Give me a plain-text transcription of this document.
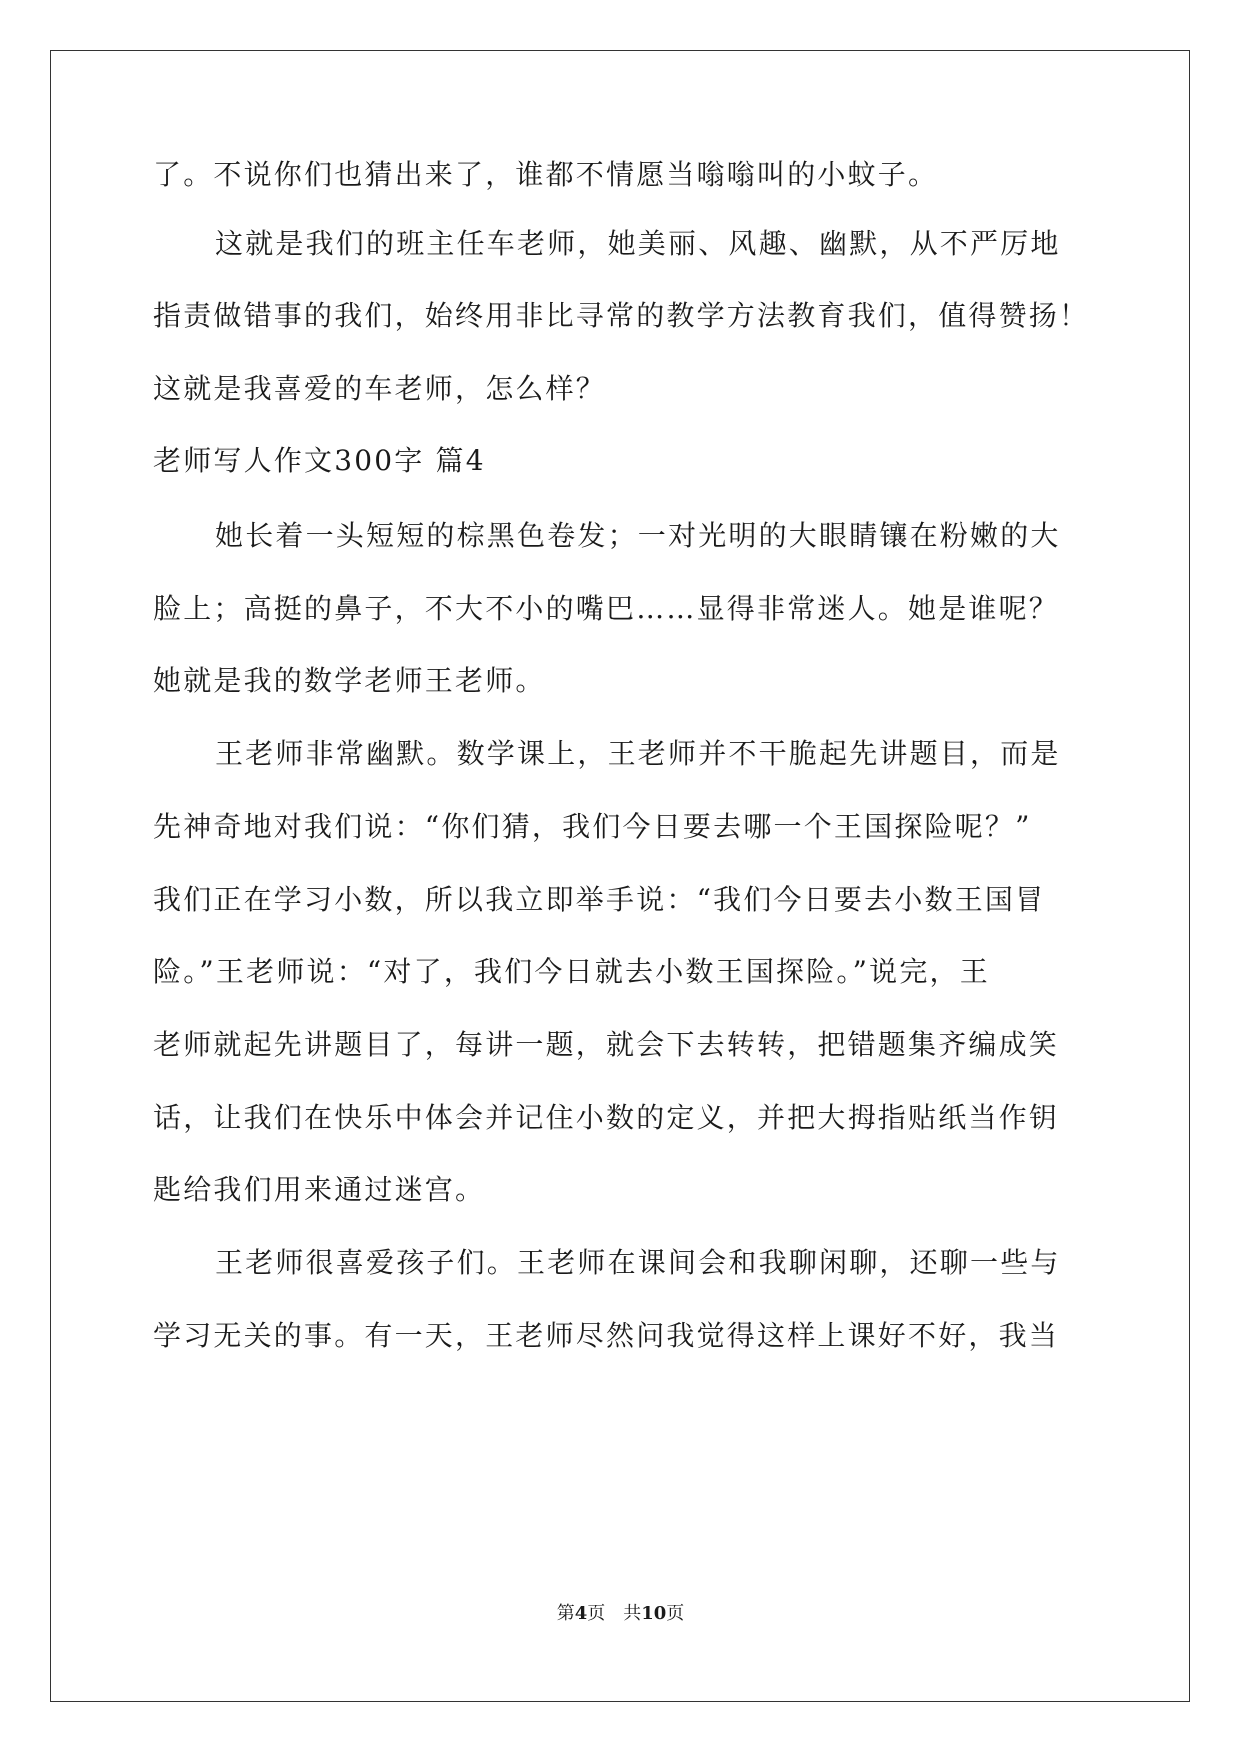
了。不说你们也猜出来了，谁都不情愿当嗡嗡叫的小蚊子。
这就是我们的班主任车老师，她美丽、风趣、幽默，从不严厉地
指责做错事的我们，始终用非比寻常的教学方法教育我们，值得赞扬！
这就是我喜爱的车老师，怎么样？
老师写人作文300字 篇4
她长着一头短短的棕黑色卷发；一对光明的大眼睛镶在粉嫩的大
脸上；高挺的鼻子，不大不小的嘴巴……显得非常迷人。她是谁呢？
她就是我的数学老师王老师。
王老师非常幽默。数学课上，王老师并不干脆起先讲题目，而是
先神奇地对我们说：“你们猜，我们今日要去哪一个王国探险呢？”
我们正在学习小数，所以我立即举手说：“我们今日要去小数王国冒
险。”王老师说：“对了，我们今日就去小数王国探险。”说完，王
老师就起先讲题目了，每讲一题，就会下去转转，把错题集齐编成笑
话，让我们在快乐中体会并记住小数的定义，并把大拇指贴纸当作钥
匙给我们用来通过迷宫。
王老师很喜爱孩子们。王老师在课间会和我聊闲聊，还聊一些与
学习无关的事。有一天，王老师尽然问我觉得这样上课好不好，我当
第4页 共10页
